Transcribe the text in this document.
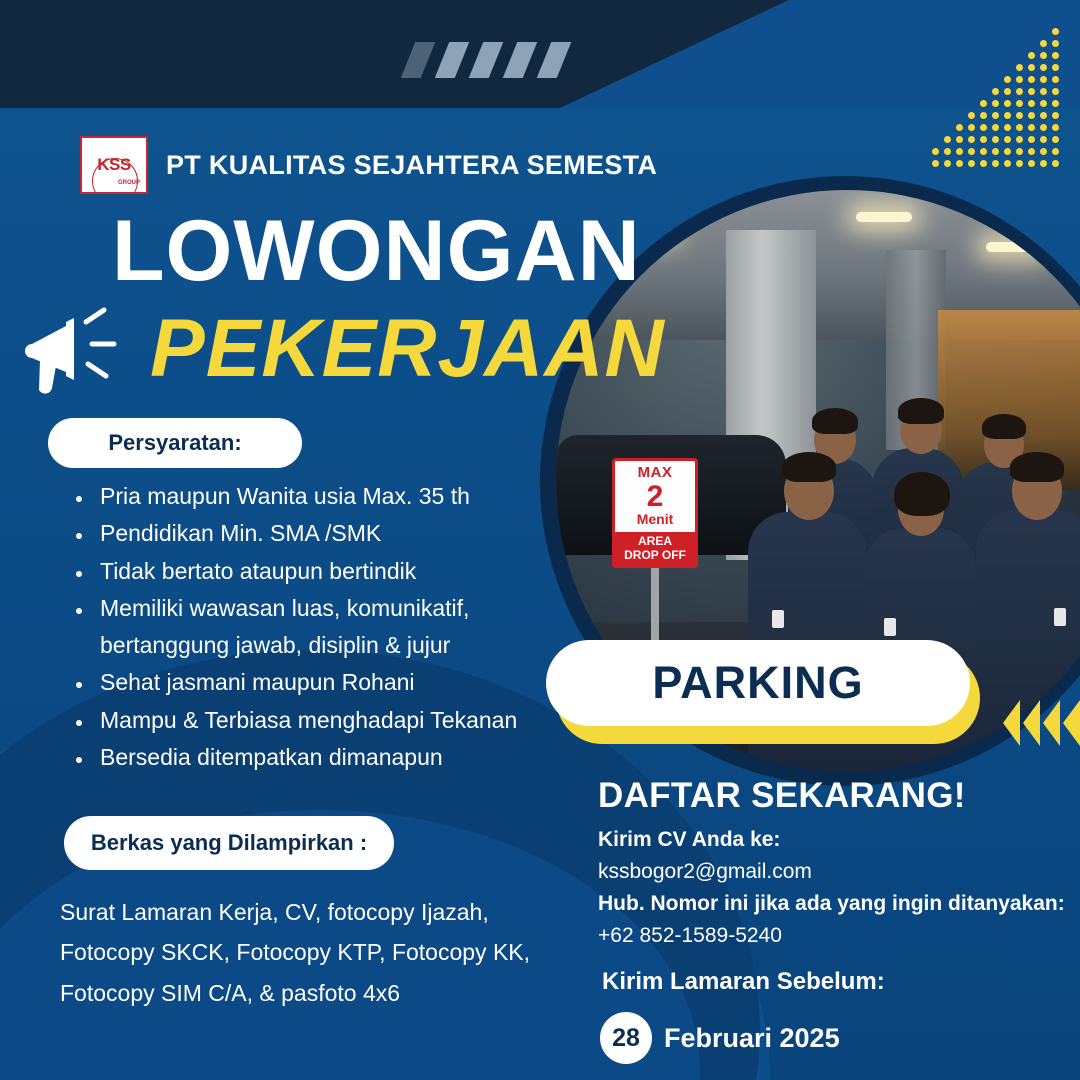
MAX
2
Menit
AREA
DROP OFF
KSS
GROUP
PT KUALITAS SEJAHTERA SEMESTA
LOWONGAN
PEKERJAAN
Persyaratan:
• Pria maupun Wanita usia Max. 35 th
• Pendidikan Min. SMA /SMK
• Tidak bertato ataupun bertindik
• Memiliki wawasan luas, komunikatif, bertanggung jawab, disiplin & jujur
• Sehat jasmani maupun Rohani
• Mampu & Terbiasa menghadapi Tekanan
• Bersedia ditempatkan dimanapun
Berkas yang Dilampirkan :
Surat Lamaran Kerja, CV, fotocopy Ijazah, Fotocopy SKCK, Fotocopy KTP, Fotocopy KK, Fotocopy SIM C/A, & pasfoto 4x6
PARKING
DAFTAR SEKARANG!
Kirim CV Anda ke:
kssbogor2@gmail.com
Hub. Nomor ini jika ada yang ingin ditanyakan:
+62 852-1589-5240
Kirim Lamaran Sebelum:
28 Februari 2025
